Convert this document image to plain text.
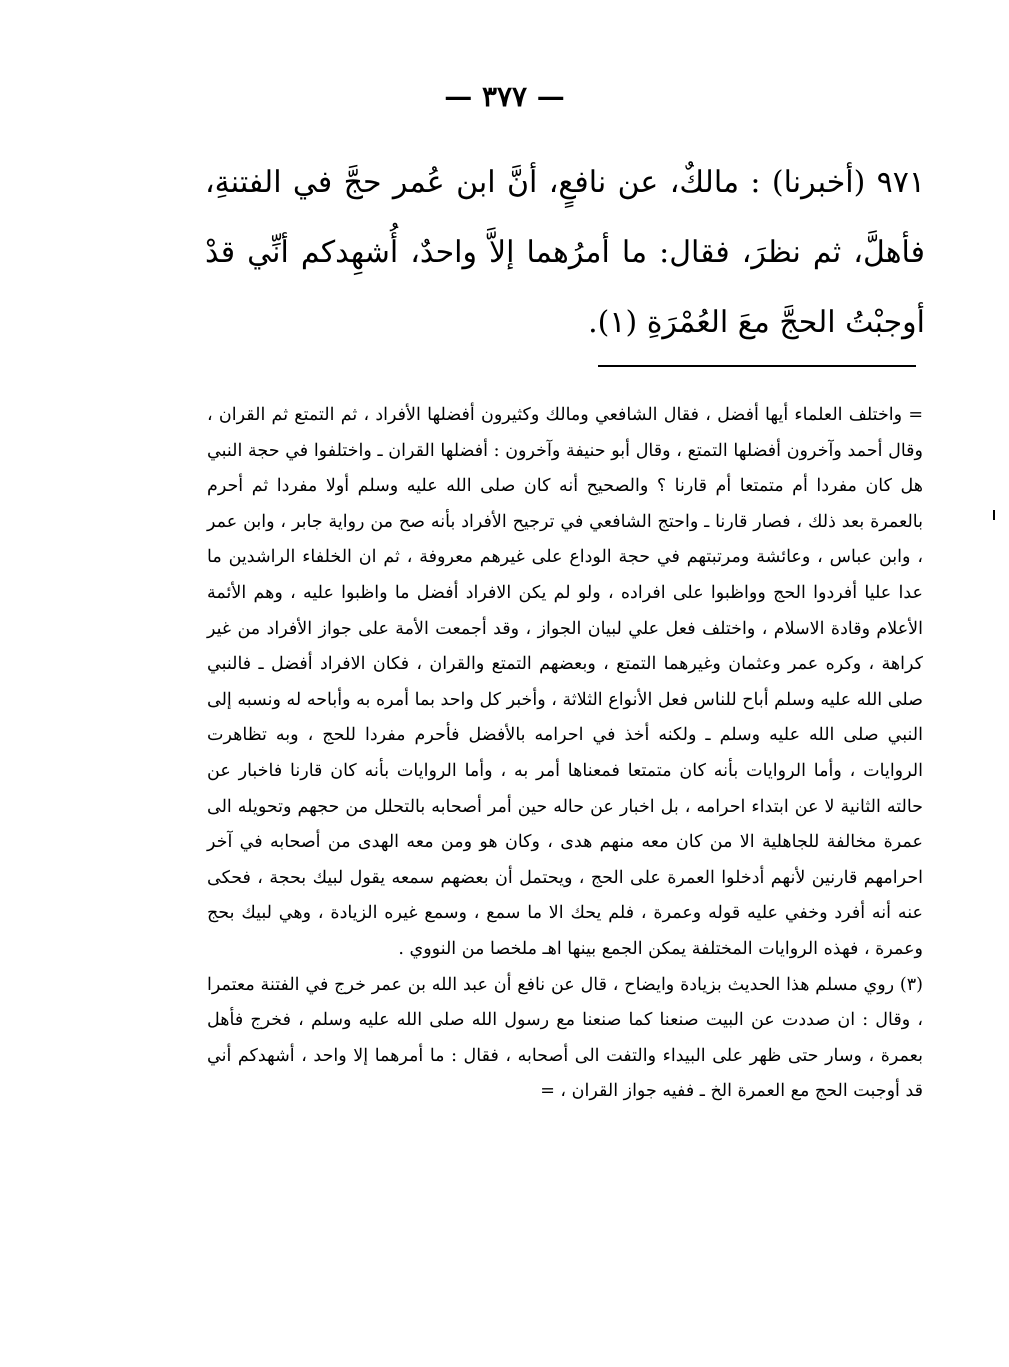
— ٣٧٧ —
٩٧١ (أخبرنا) : مالكٌ، عن نافعٍ، أنَّ ابن عُمر حجَّ في الفتنةِ، فأهلَّ، ثم نظرَ، فقال: ما أمرُهما إلاَّ واحدٌ، أُشهِدكم أنِّي قدْ أوجبْتُ الحجَّ معَ العُمْرَةِ (١).

= واختلف العلماء أيها أفضل ، فقال الشافعي ومالك وكثيرون أفضلها الأفراد ، ثم التمتع ثم القران ، وقال أحمد وآخرون أفضلها التمتع ، وقال أبو حنيفة وآخرون : أفضلها القران ـ واختلفوا في حجة النبي هل كان مفردا أم متمتعا أم قارنا ؟ والصحيح أنه كان صلى الله عليه وسلم أولا مفردا ثم أحرم بالعمرة بعد ذلك ، فصار قارنا ـ واحتج الشافعي في ترجيح الأفراد بأنه صح من رواية جابر ، وابن عمر ، وابن عباس ، وعائشة ومرتبتهم في حجة الوداع على غيرهم معروفة ، ثم ان الخلفاء الراشدين ما عدا عليا أفردوا الحج وواظبوا على افراده ، ولو لم يكن الافراد أفضل ما واظبوا عليه ، وهم الأئمة الأعلام وقادة الاسلام ، واختلف فعل علي لبيان الجواز ، وقد أجمعت الأمة على جواز الأفراد من غير كراهة ، وكره عمر وعثمان وغيرهما التمتع ، وبعضهم التمتع والقران ، فكان الافراد أفضل ـ فالنبي صلى الله عليه وسلم أباح للناس فعل الأنواع الثلاثة ، وأخبر كل واحد بما أمره به وأباحه له ونسبه إلى النبي صلى الله عليه وسلم ـ ولكنه أخذ في احرامه بالأفضل فأحرم مفردا للحج ، وبه تظاهرت الروايات ، وأما الروايات بأنه كان متمتعا فمعناها أمر به ، وأما الروايات بأنه كان قارنا فاخبار عن حالته الثانية لا عن ابتداء احرامه ، بل اخبار عن حاله حين أمر أصحابه بالتحلل من حجهم وتحويله الى عمرة مخالفة للجاهلية الا من كان معه منهم هدى ، وكان هو ومن معه الهدى من أصحابه في آخر احرامهم قارنين لأنهم أدخلوا العمرة على الحج ، ويحتمل أن بعضهم سمعه يقول لبيك بحجة ، فحكى عنه أنه أفرد وخفي عليه قوله وعمرة ، فلم يحك الا ما سمع ، وسمع غيره الزيادة ، وهي لبيك بحج وعمرة ، فهذه الروايات المختلفة يمكن الجمع بينها اهـ ملخصا من النووي .

(٣) روي مسلم هذا الحديث بزيادة وايضاح ، قال عن نافع أن عبد الله بن عمر خرج في الفتنة معتمرا ، وقال : ان صددت عن البيت صنعنا كما صنعنا مع رسول الله صلى الله عليه وسلم ، فخرج فأهل بعمرة ، وسار حتى ظهر على البيداء والتفت الى أصحابه ، فقال : ما أمرهما إلا واحد ، أشهدكم أني قد أوجبت الحج مع العمرة الخ ـ ففيه جواز القران ، =
